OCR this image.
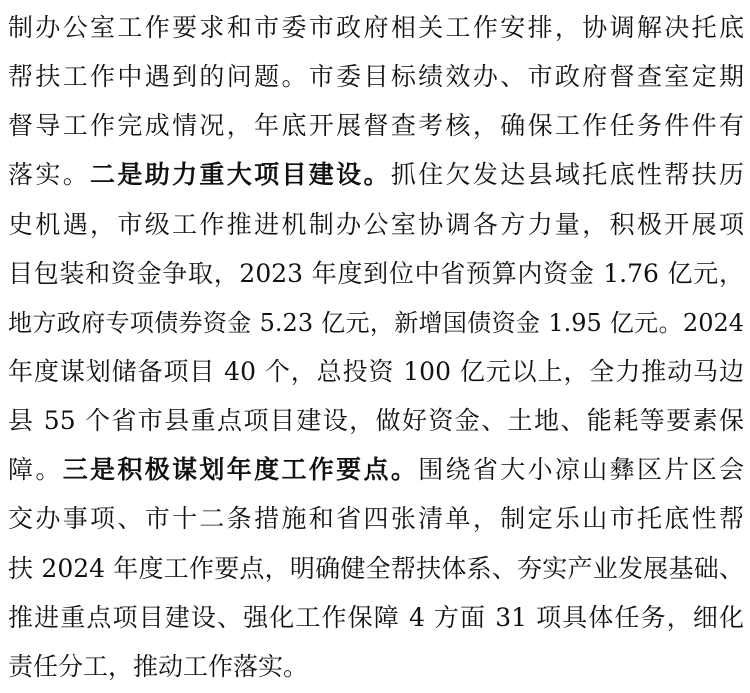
制办公室工作要求和市委市政府相关工作安排，协调解决托底
帮扶工作中遇到的问题。市委目标绩效办、市政府督查室定期
督导工作完成情况，年底开展督查考核，确保工作任务件件有
落实。二是助力重大项目建设。抓住欠发达县域托底性帮扶历
史机遇，市级工作推进机制办公室协调各方力量，积极开展项
目包装和资金争取，2023 年度到位中省预算内资金 1.76 亿元，
地方政府专项债券资金 5.23 亿元，新增国债资金 1.95 亿元。2024
年度谋划储备项目 40 个，总投资 100 亿元以上，全力推动马边
县 55 个省市县重点项目建设，做好资金、土地、能耗等要素保
障。三是积极谋划年度工作要点。围绕省大小凉山彝区片区会
交办事项、市十二条措施和省四张清单，制定乐山市托底性帮
扶 2024 年度工作要点，明确健全帮扶体系、夯实产业发展基础、
推进重点项目建设、强化工作保障 4 方面 31 项具体任务，细化
责任分工，推动工作落实。
